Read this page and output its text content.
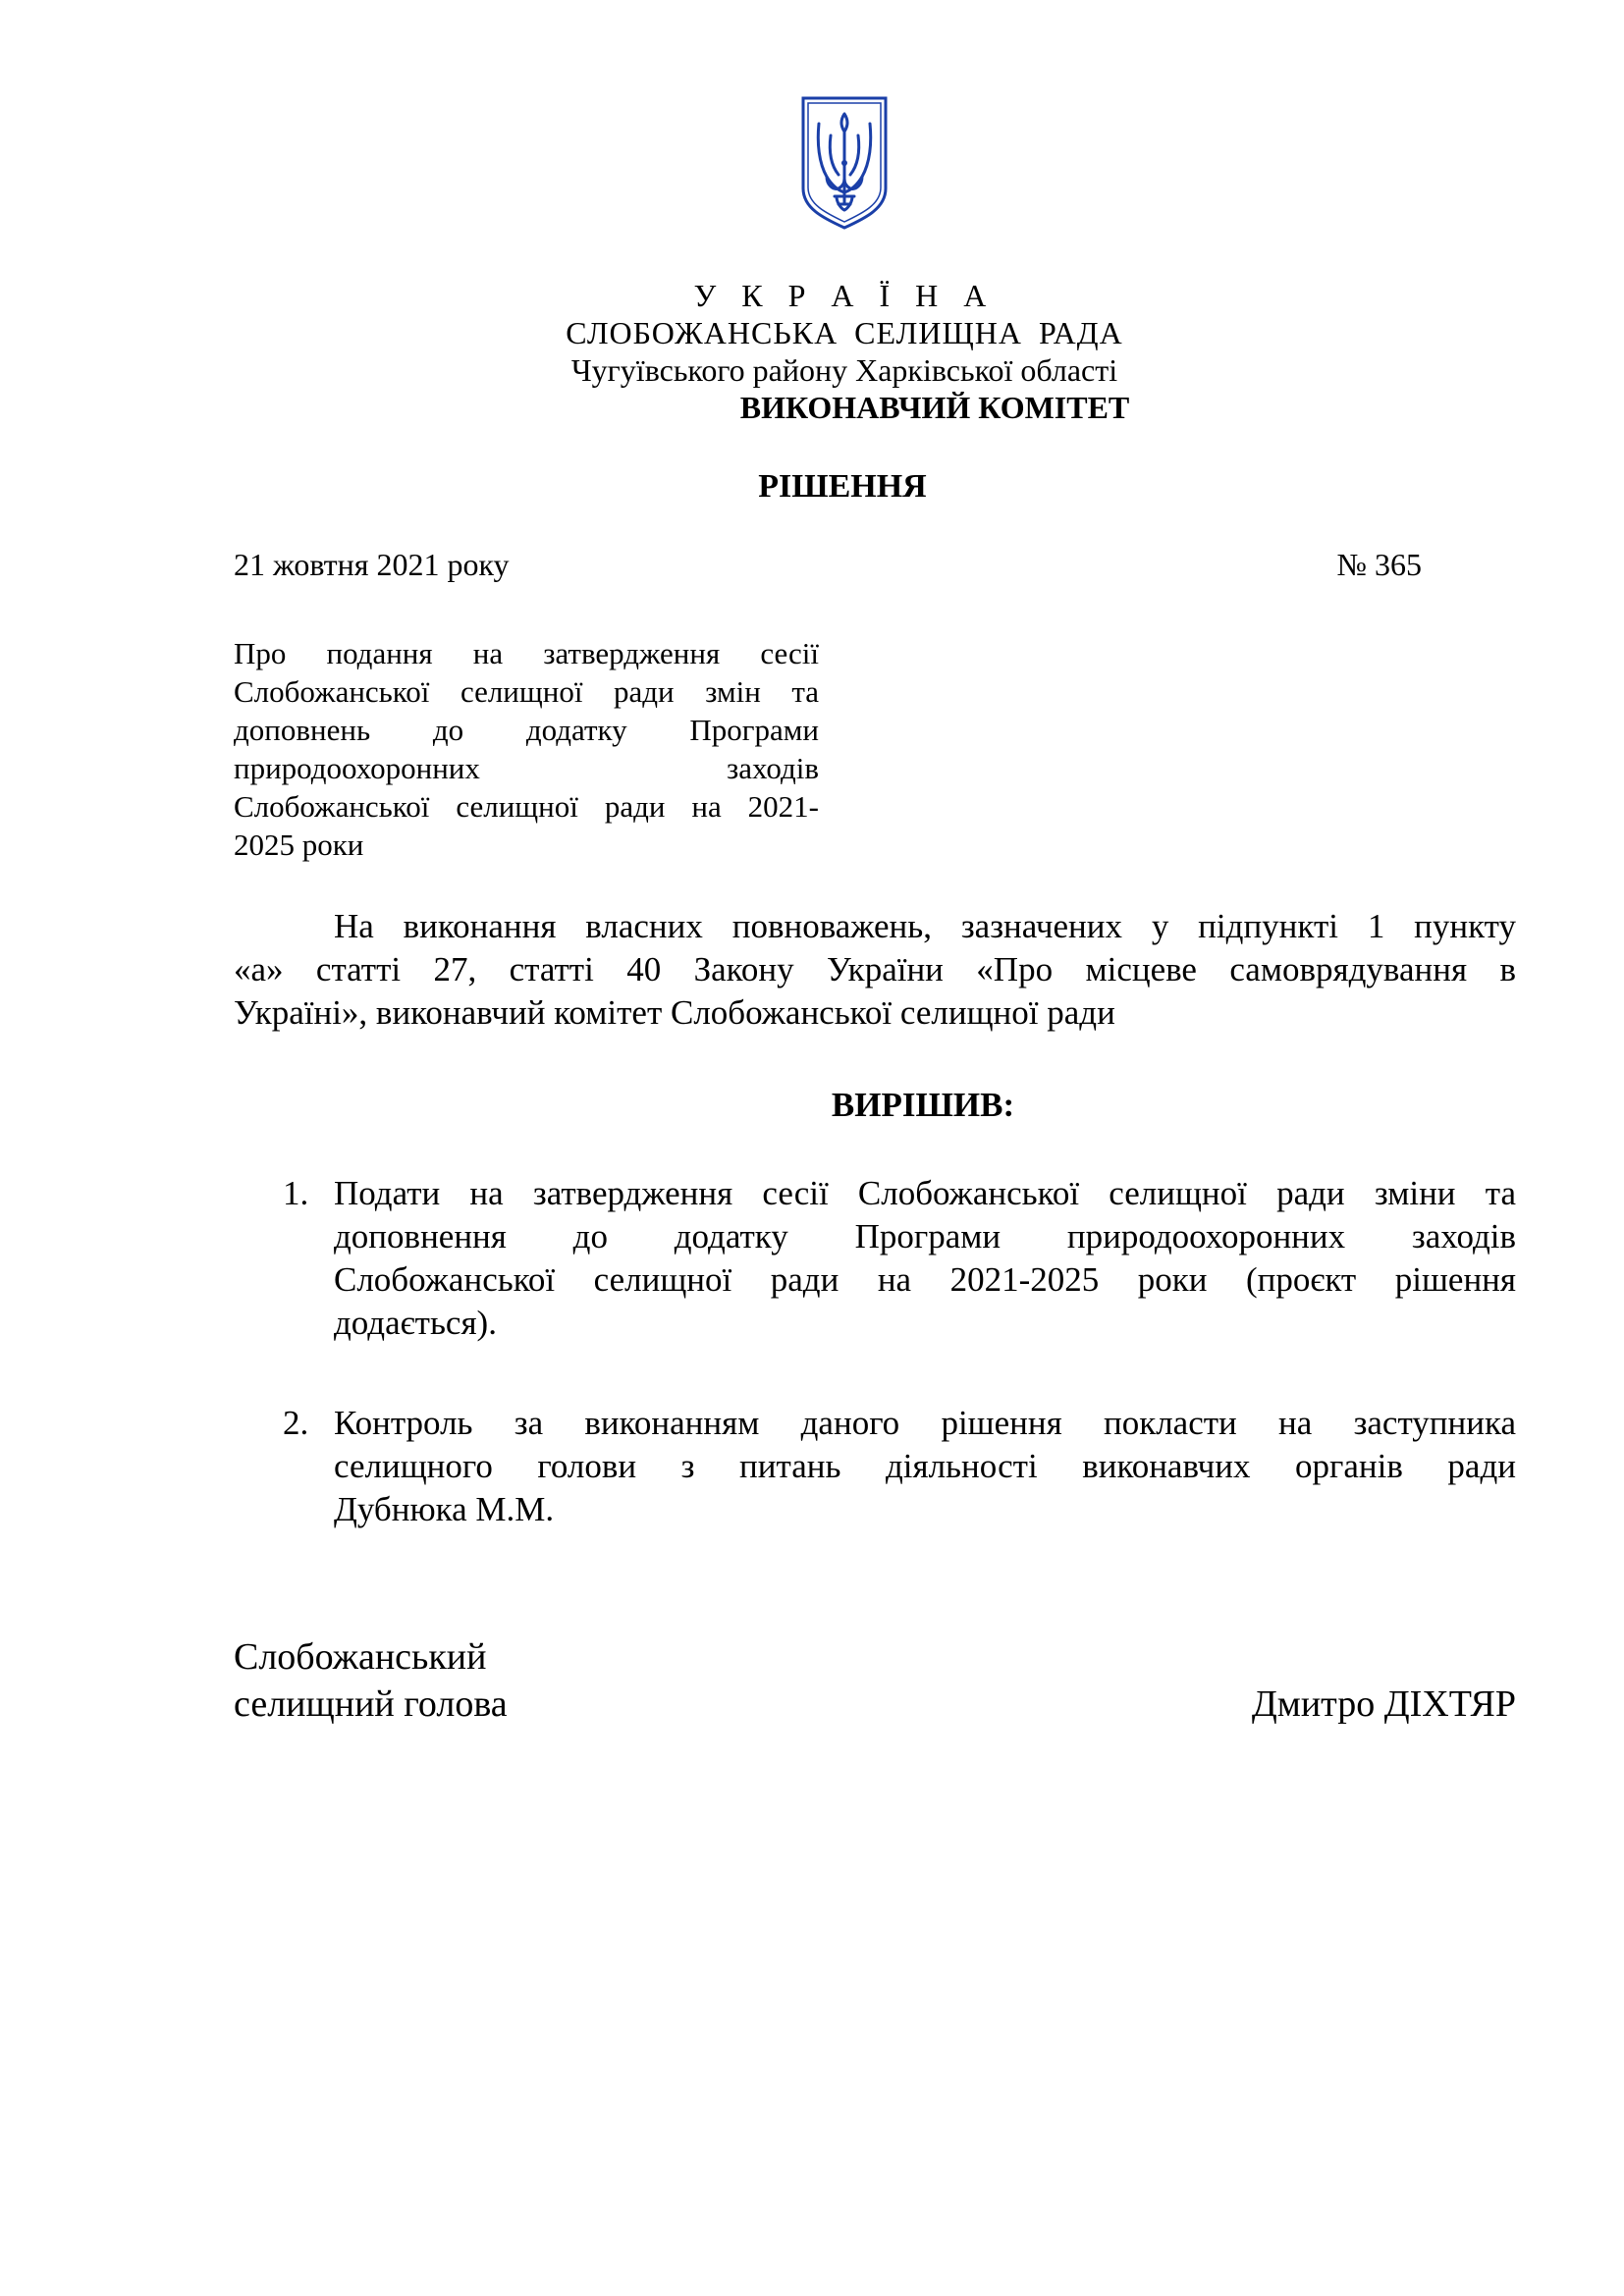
У К Р А Ї Н А
СЛОБОЖАНСЬКА СЕЛИЩНА РАДА
Чугуївського району Харківської області
ВИКОНАВЧИЙ КОМІТЕТ
РІШЕННЯ
21 жовтня 2021 року	№ 365
Про подання на затвердження сесії
Слобожанської селищної ради змін та
доповнень до додатку Програми
природоохоронних заходів
Слобожанської селищної ради на 2021-
2025 роки
На виконання власних повноважень, зазначених у підпункті 1 пункту
«а» статті 27, статті 40 Закону України «Про місцеве самоврядування в
Україні», виконавчий комітет Слобожанської селищної ради
ВИРІШИВ:
1. Подати на затвердження сесії Слобожанської селищної ради зміни та
доповнення до додатку Програми природоохоронних заходів
Слобожанської селищної ради на 2021-2025 роки (проєкт рішення
додається).
2. Контроль за виконанням даного рішення покласти на заступника
селищного голови з питань діяльності виконавчих органів ради
Дубнюка М.М.
Слобожанський
селищний голова	Дмитро ДІХТЯР
